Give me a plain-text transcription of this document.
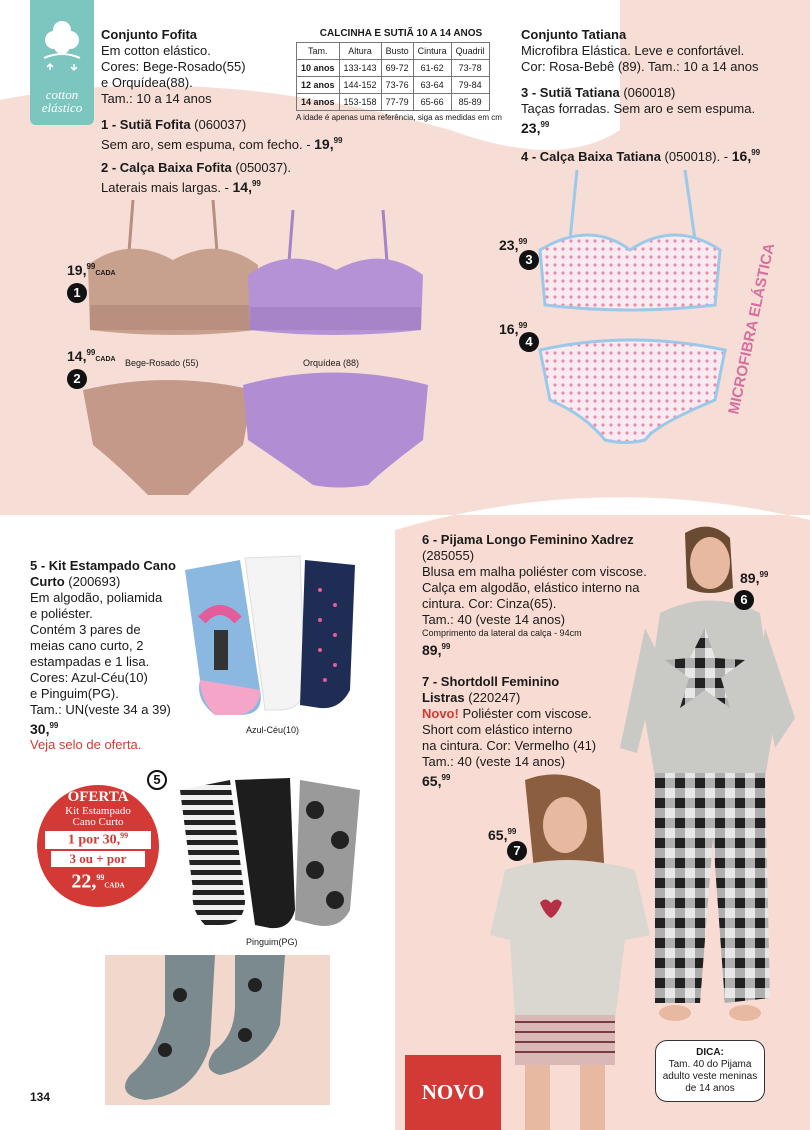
cotton
elástico
Conjunto Fofita
Em cotton elástico.
Cores: Bege-Rosado(55)
e Orquídea(88).
Tam.: 10 a 14 anos
1 - Sutiã Fofita (060037)
Sem aro, sem espuma, com fecho. - 19,99
2 - Calça Baixa Fofita (050037).
Laterais mais largas. - 14,99
CALCINHA E SUTIÃ 10 A 14 ANOS
Tam.	Altura	Busto	Cintura	Quadril
10 anos	133-143	69-72	61-62	73-78
12 anos	144-152	73-76	63-64	79-84
14 anos	153-158	77-79	65-66	85-89
A idade é apenas uma referência, siga as medidas em cm
Conjunto Tatiana
Microfibra Elástica. Leve e confortável.
Cor: Rosa-Bebê (89). Tam.: 10 a 14 anos
3 - Sutiã Tatiana (060018)
Taças forradas. Sem aro e sem espuma.
23,99
4 - Calça Baixa Tatiana (050018). - 16,99
Bege-Rosado (55)	Orquídea (88)
19,99CADA
1
14,99CADA
2
23,99
3
16,99
4	MICROFIBRA ELÁSTICA
5 - Kit Estampado Cano
Curto (200693)
Em algodão, poliamida
e poliéster.
Contém 3 pares de
meias cano curto, 2
estampadas e 1 lisa.
Cores: Azul-Céu(10)
e Pinguim(PG).
Tam.: UN(veste 34 a 39)
30,99
Veja selo de oferta.
Azul-Céu(10)
5
Pinguim(PG)
OFERTA
Kit Estampado
Cano Curto
1 por 30,99
3 ou + por
22,99CADA
134
6 - Pijama Longo Feminino Xadrez
(285055)
Blusa em malha poliéster com viscose.
Calça em algodão, elástico interno na
cintura. Cor: Cinza(65).
Tam.: 40 (veste 14 anos)
Comprimento da lateral da calça - 94cm
89,99
7 - Shortdoll Feminino
Listras (220247)
Novo! Poliéster com viscose.
Short com elástico interno
na cintura. Cor: Vermelho (41)
Tam.: 40 (veste 14 anos)
65,99
89,99
6
65,99
7
NOVO
DICA:
Tam. 40 do Pijama
adulto veste meninas
de 14 anos
